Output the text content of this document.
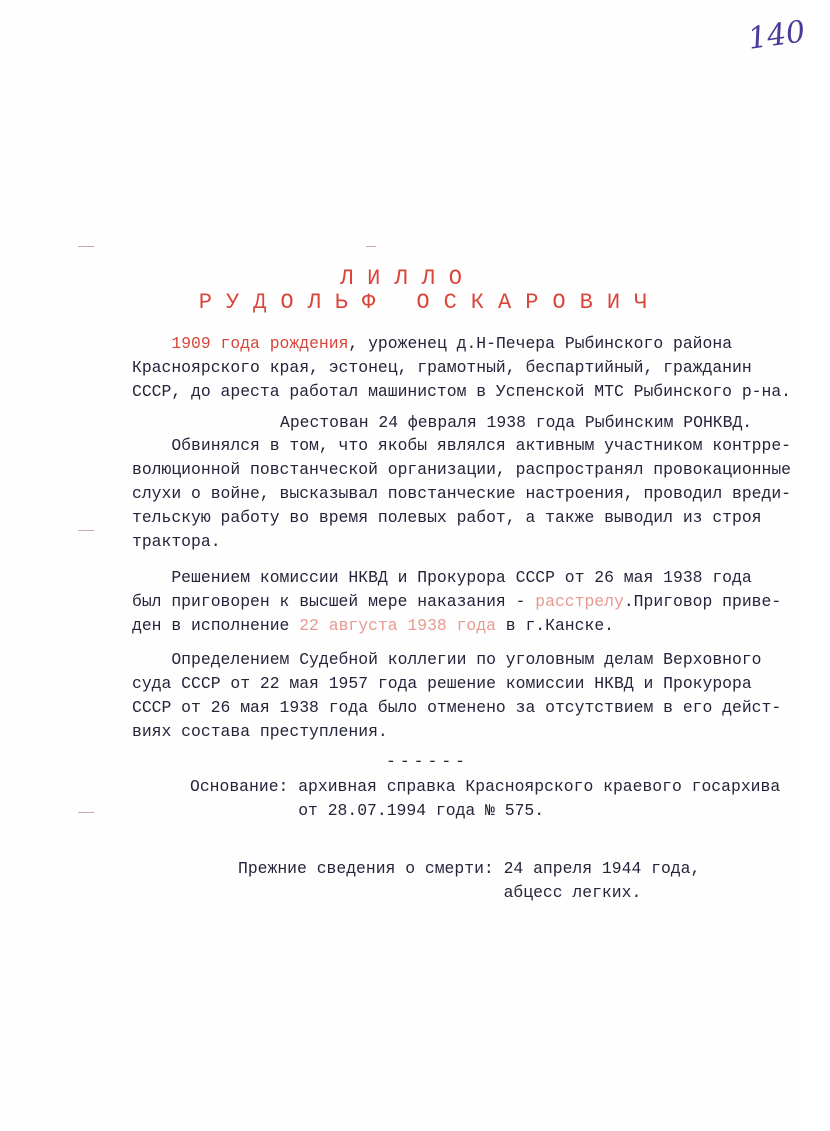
140
ЛИЛЛО
РУДОЛЬФ ОСКАРОВИЧ
1909 года рождения, уроженец д.Н-Печера Рыбинского района
Красноярского края, эстонец, грамотный, беспартийный, гражданин
СССР, до ареста работал машинистом в Успенской МТС Рыбинского р-на.
Арестован 24 февраля 1938 года Рыбинским РОНКВД.
Обвинялся в том, что якобы являлся активным участником контрре-
волюционной повстанческой организации, распространял провокационные
слухи о войне, высказывал повстанческие настроения, проводил вреди-
тельскую работу во время полевых работ, а также выводил из строя
трактора.
Решением комиссии НКВД и Прокурора СССР от 26 мая 1938 года
был приговорен к высшей мере наказания - расстрелу.Приговор приве-
ден в исполнение 22 августа 1938 года в г.Канске.
Определением Судебной коллегии по уголовным делам Верховного
суда СССР от 22 мая 1957 года решение комиссии НКВД и Прокурора
СССР от 26 мая 1938 года было отменено за отсутствием в его дейст-
виях состава преступления.
------
Основание: архивная справка Красноярского краевого госархива
от 28.07.1994 года № 575.
Прежние сведения о смерти: 24 апреля 1944 года,
абцесс легких.
